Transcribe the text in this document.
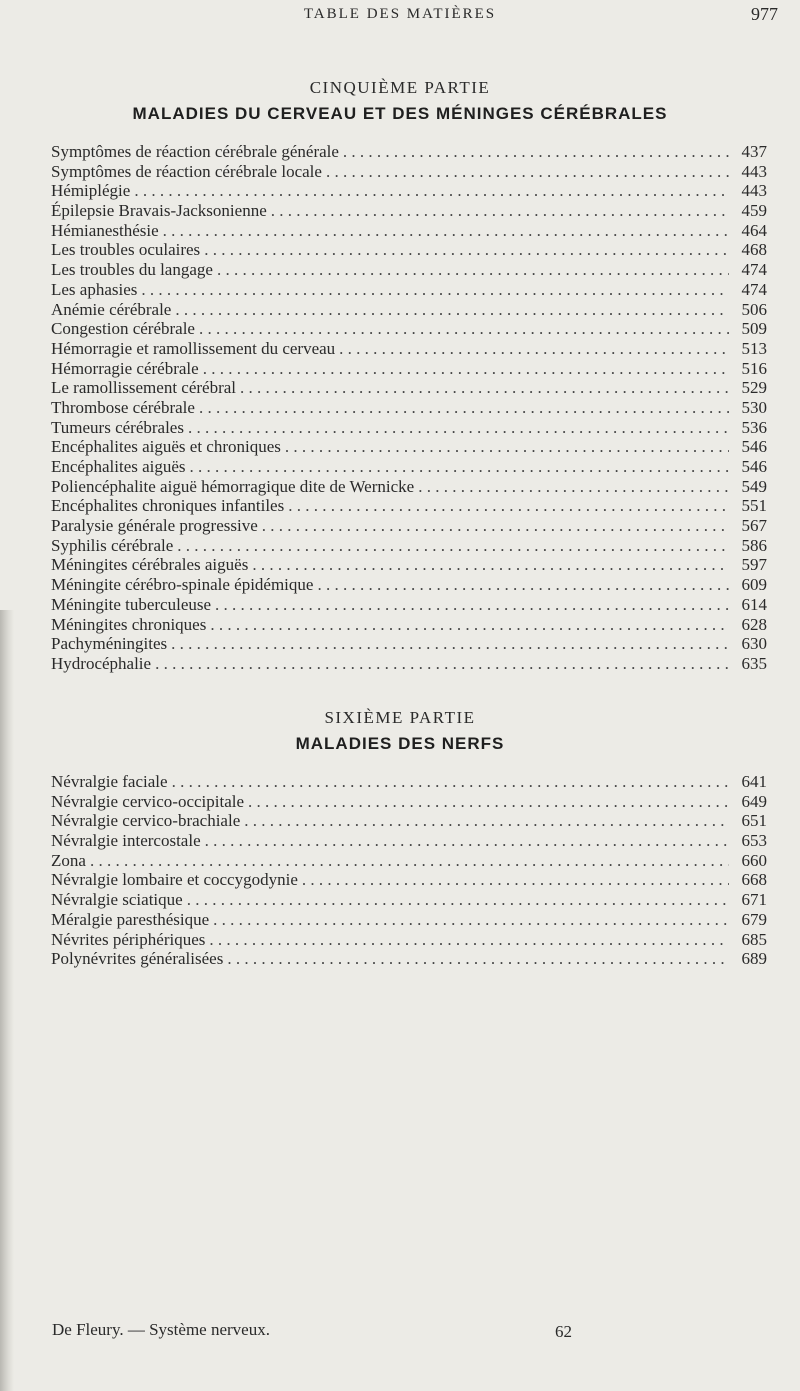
TABLE DES MATIÈRES	977
CINQUIÈME PARTIE
MALADIES DU CERVEAU ET DES MÉNINGES CÉRÉBRALES
Symptômes de réaction cérébrale générale . . .	437
Symptômes de réaction cérébrale locale . . .	443
Hémiplégie . . .	443
Épilepsie Bravais-Jacksonienne . . .	459
Hémianesthésie . . .	464
Les troubles oculaires . . .	468
Les troubles du langage . . .	474
Les aphasies . . .	474
Anémie cérébrale . . .	506
Congestion cérébrale . . .	509
Hémorragie et ramollissement du cerveau . . .	513
Hémorragie cérébrale . . .	516
Le ramollissement cérébral . . .	529
Thrombose cérébrale . . .	530
Tumeurs cérébrales . . .	536
Encéphalites aiguës et chroniques . . .	546
Encéphalites aiguës . . .	546
Poliencéphalite aiguë hémorragique dite de Wernicke . . .	549
Encéphalites chroniques infantiles . . .	551
Paralysie générale progressive . . .	567
Syphilis cérébrale . . .	586
Méningites cérébrales aiguës . . .	597
Méningite cérébro-spinale épidémique . . .	609
Méningite tuberculeuse . . .	614
Méningites chroniques . . .	628
Pachyméningites . . .	630
Hydrocéphalie . . .	635
SIXIÈME PARTIE
MALADIES DES NERFS
Névralgie faciale . . .	641
Névralgie cervico-occipitale . . .	649
Névralgie cervico-brachiale . . .	651
Névralgie intercostale . . .	653
Zona . . .	660
Névralgie lombaire et coccygodynie . . .	668
Névralgie sciatique . . .	671
Méralgie paresthésique . . .	679
Névrites périphériques . . .	685
Polynévrites généralisées . . .	689
De Fleury. — Système nerveux.	62
